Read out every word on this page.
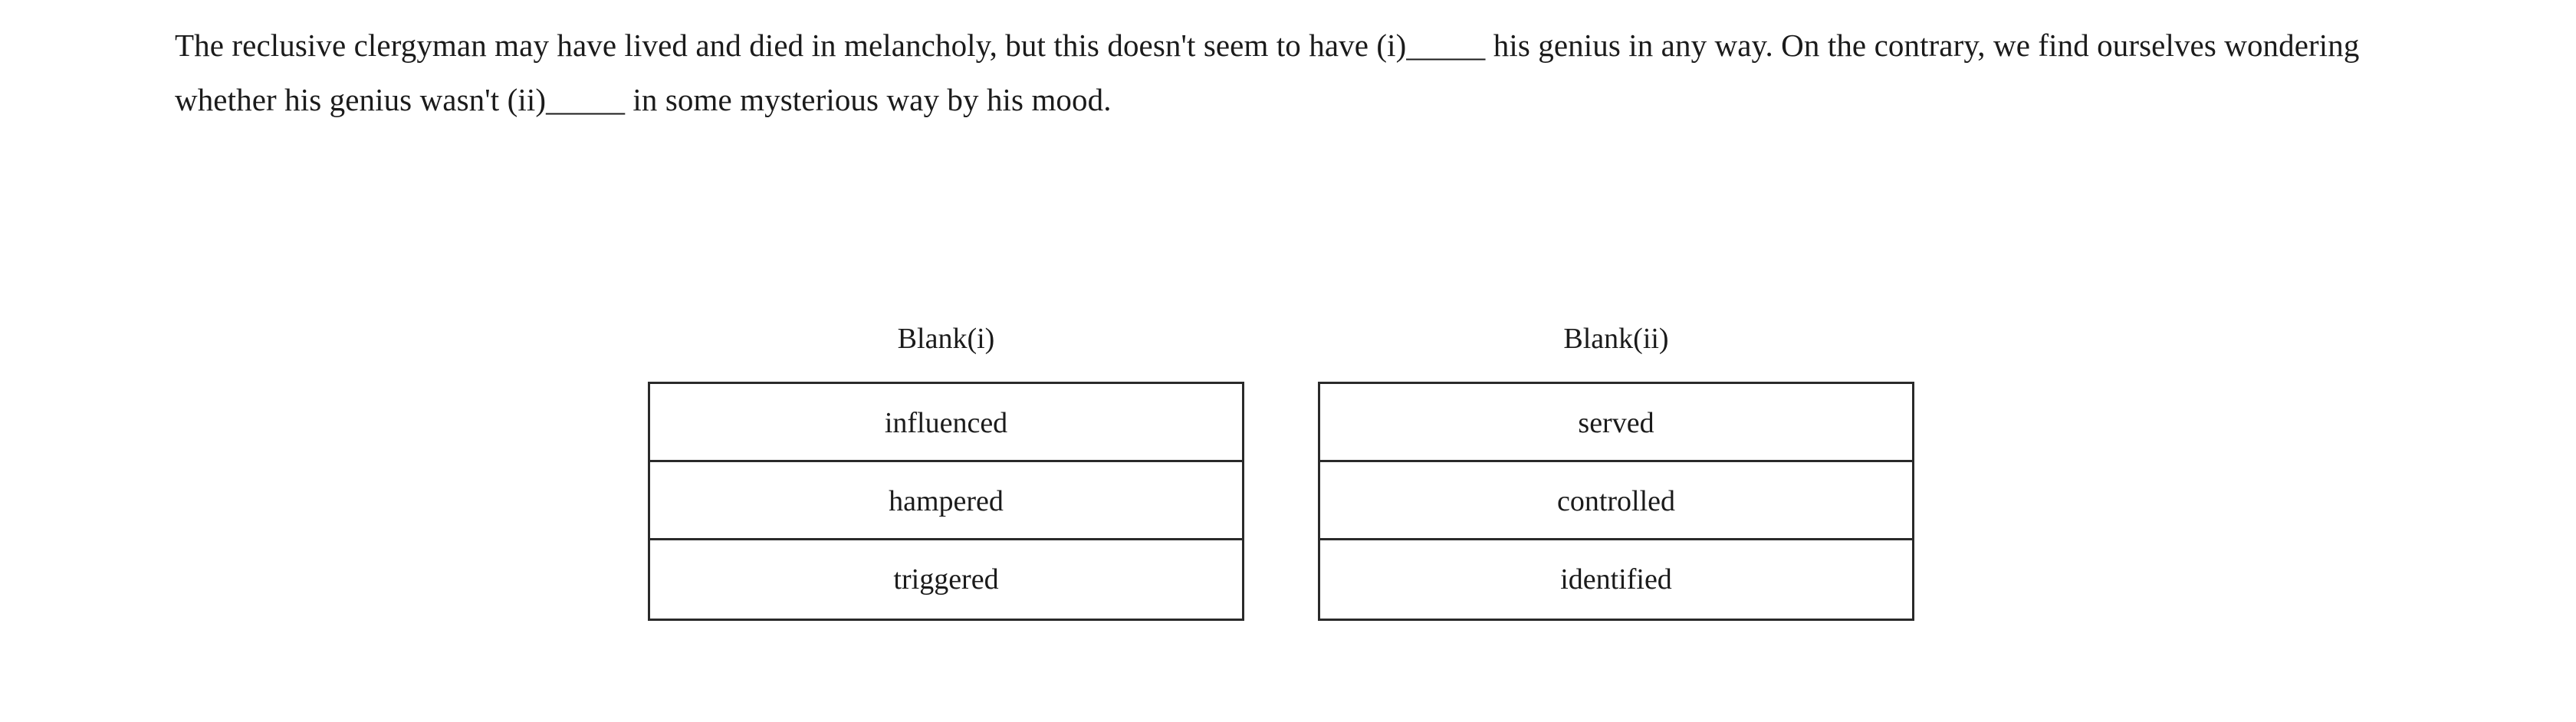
The reclusive clergyman may have lived and died in melancholy, but this doesn't seem to have (i)_____ his genius in any way. On the contrary, we find ourselves wondering whether his genius wasn't (ii)_____ in some mysterious way by his mood.
Blank(i)
influenced
hampered
triggered
Blank(ii)
served
controlled
identified
